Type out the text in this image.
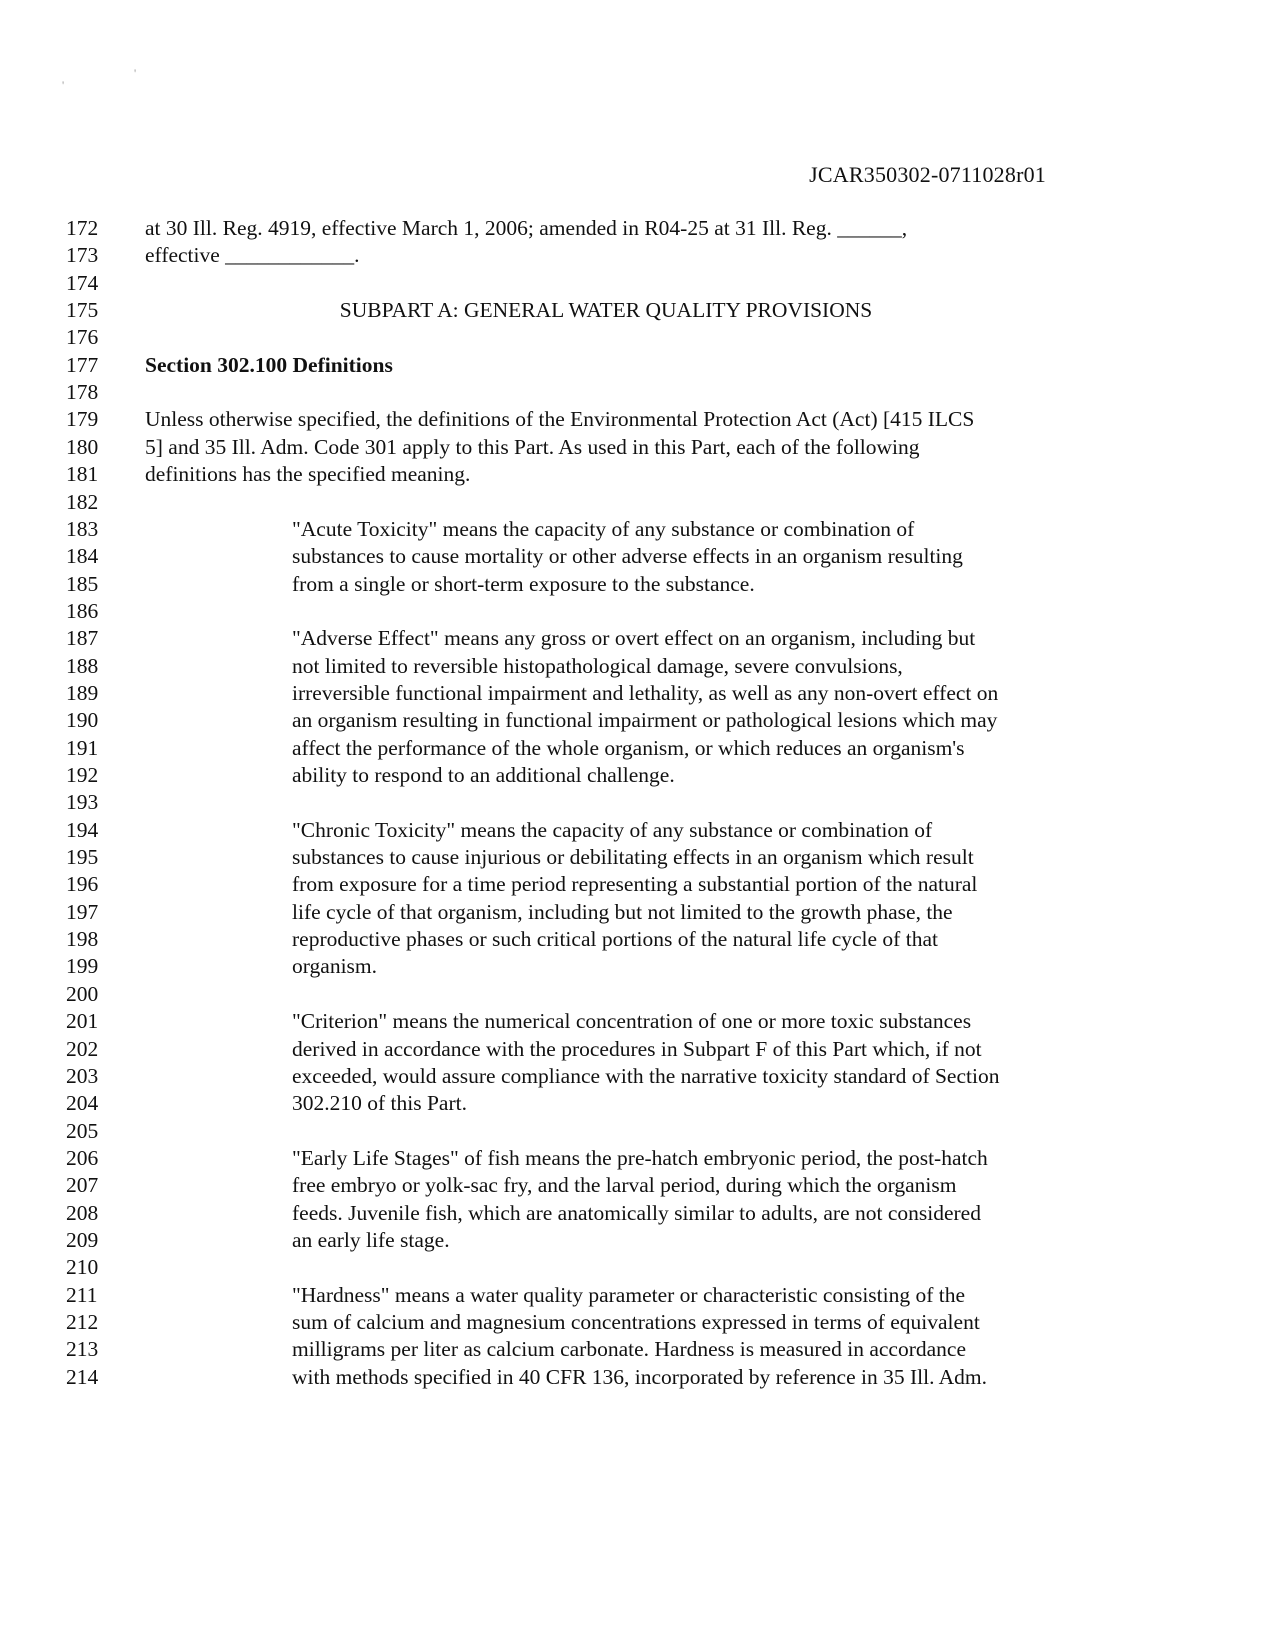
'
'
JCAR350302-0711028r01
172	at 30 Ill. Reg. 4919, effective March 1, 2006; amended in R04-25 at 31 Ill. Reg. ______,
173	effective ____________.
174
175	SUBPART A: GENERAL WATER QUALITY PROVISIONS
176
177	Section 302.100 Definitions
178
179	Unless otherwise specified, the definitions of the Environmental Protection Act (Act) [415 ILCS
180	5] and 35 Ill. Adm. Code 301 apply to this Part. As used in this Part, each of the following
181	definitions has the specified meaning.
182
183	"Acute Toxicity" means the capacity of any substance or combination of
184	substances to cause mortality or other adverse effects in an organism resulting
185	from a single or short-term exposure to the substance.
186
187	"Adverse Effect" means any gross or overt effect on an organism, including but
188	not limited to reversible histopathological damage, severe convulsions,
189	irreversible functional impairment and lethality, as well as any non-overt effect on
190	an organism resulting in functional impairment or pathological lesions which may
191	affect the performance of the whole organism, or which reduces an organism's
192	ability to respond to an additional challenge.
193
194	"Chronic Toxicity" means the capacity of any substance or combination of
195	substances to cause injurious or debilitating effects in an organism which result
196	from exposure for a time period representing a substantial portion of the natural
197	life cycle of that organism, including but not limited to the growth phase, the
198	reproductive phases or such critical portions of the natural life cycle of that
199	organism.
200
201	"Criterion" means the numerical concentration of one or more toxic substances
202	derived in accordance with the procedures in Subpart F of this Part which, if not
203	exceeded, would assure compliance with the narrative toxicity standard of Section
204	302.210 of this Part.
205
206	"Early Life Stages" of fish means the pre-hatch embryonic period, the post-hatch
207	free embryo or yolk-sac fry, and the larval period, during which the organism
208	feeds. Juvenile fish, which are anatomically similar to adults, are not considered
209	an early life stage.
210
211	"Hardness" means a water quality parameter or characteristic consisting of the
212	sum of calcium and magnesium concentrations expressed in terms of equivalent
213	milligrams per liter as calcium carbonate. Hardness is measured in accordance
214	with methods specified in 40 CFR 136, incorporated by reference in 35 Ill. Adm.
